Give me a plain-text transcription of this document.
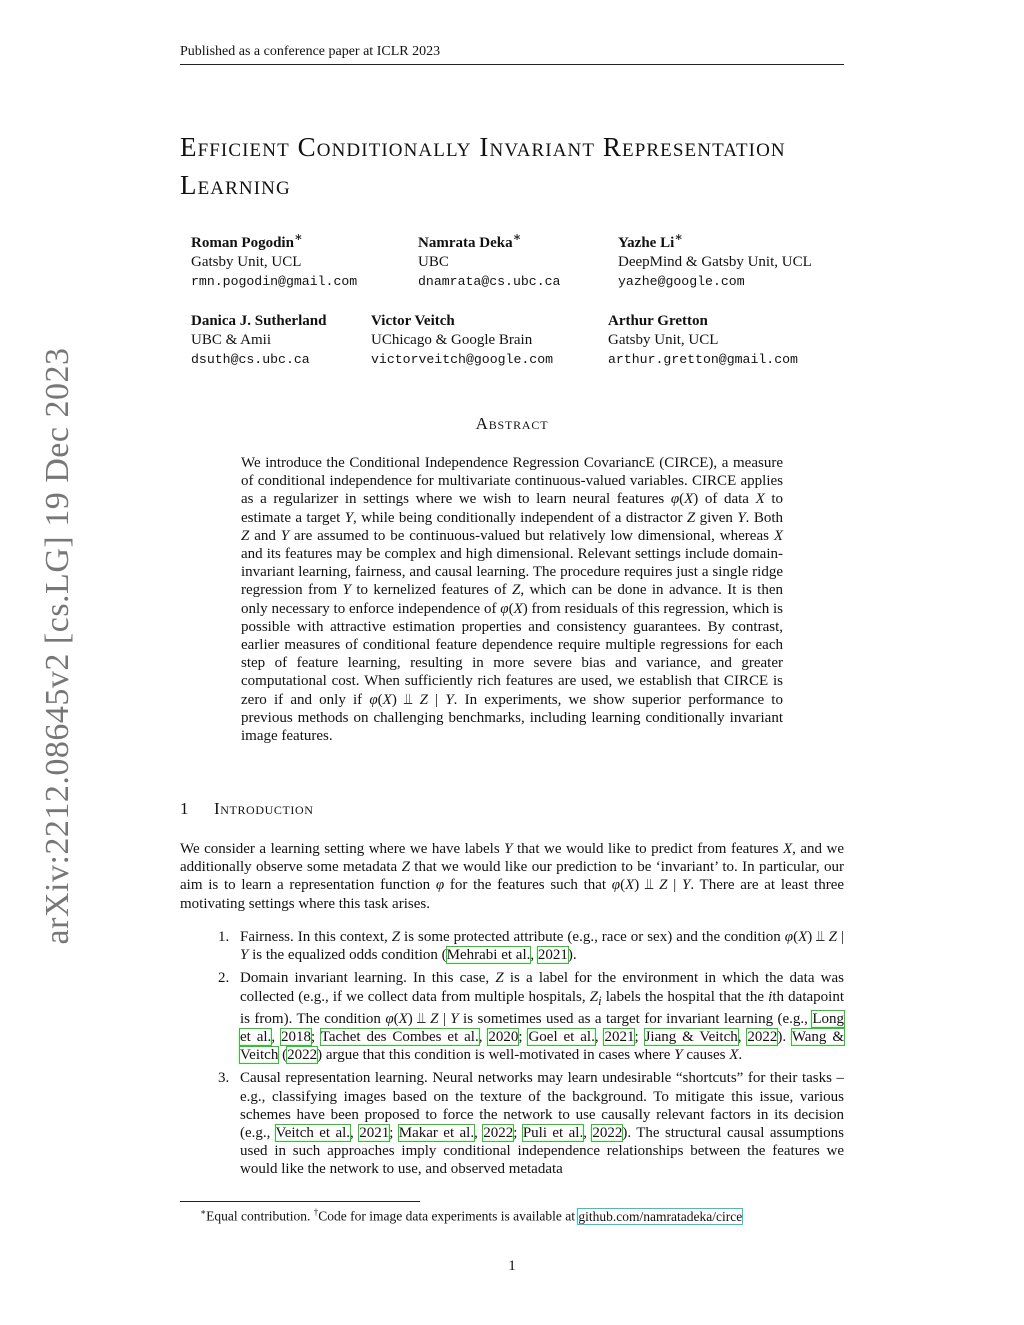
Published as a conference paper at ICLR 2023
arXiv:2212.08645v2 [cs.LG] 19 Dec 2023
Efficient Conditionally Invariant Representation Learning
Roman Pogodin∗
Gatsby Unit, UCL
rmn.pogodin@gmail.com
Namrata Deka∗
UBC
dnamrata@cs.ubc.ca
Yazhe Li∗
DeepMind & Gatsby Unit, UCL
yazhe@google.com
Danica J. Sutherland
UBC & Amii
dsuth@cs.ubc.ca
Victor Veitch
UChicago & Google Brain
victorveitch@google.com
Arthur Gretton
Gatsby Unit, UCL
arthur.gretton@gmail.com
Abstract
We introduce the Conditional Independence Regression CovariancE (CIRCE), a measure of conditional independence for multivariate continuous-valued variables. CIRCE applies as a regularizer in settings where we wish to learn neural features φ(X) of data X to estimate a target Y, while being conditionally independent of a distractor Z given Y. Both Z and Y are assumed to be continuous-valued but relatively low dimensional, whereas X and its features may be complex and high dimensional. Relevant settings include domain-invariant learning, fairness, and causal learning. The procedure requires just a single ridge regression from Y to kernelized features of Z, which can be done in advance. It is then only necessary to enforce independence of φ(X) from residuals of this regression, which is possible with attractive estimation properties and consistency guarantees. By contrast, earlier measures of conditional feature dependence require multiple regressions for each step of feature learning, resulting in more severe bias and variance, and greater computational cost. When sufficiently rich features are used, we establish that CIRCE is zero if and only if φ(X) ⫫ Z | Y. In experiments, we show superior performance to previous methods on challenging benchmarks, including learning conditionally invariant image features.
1 Introduction

We consider a learning setting where we have labels Y that we would like to predict from features X, and we additionally observe some metadata Z that we would like our prediction to be ‘invariant’ to. In particular, our aim is to learn a representation function φ for the features such that φ(X) ⫫ Z | Y. There are at least three motivating settings where this task arises.

1. Fairness. In this context, Z is some protected attribute (e.g., race or sex) and the condition φ(X) ⫫ Z | Y is the equalized odds condition (Mehrabi et al., 2021).
2. Domain invariant learning. In this case, Z is a label for the environment in which the data was collected (e.g., if we collect data from multiple hospitals, $Z_i$ labels the hospital that the ith datapoint is from). The condition φ(X) ⫫ Z | Y is sometimes used as a target for invariant learning (e.g., Long et al., 2018; Tachet des Combes et al., 2020; Goel et al., 2021; Jiang & Veitch, 2022). Wang & Veitch (2022) argue that this condition is well-motivated in cases where Y causes X.
3. Causal representation learning. Neural networks may learn undesirable “shortcuts” for their tasks – e.g., classifying images based on the texture of the background. To mitigate this issue, various schemes have been proposed to force the network to use causally relevant factors in its decision (e.g., Veitch et al., 2021; Makar et al., 2022; Puli et al., 2022). The structural causal assumptions used in such approaches imply conditional independence relationships between the features we would like the network to use, and observed metadata
∗Equal contribution. †Code for image data experiments is available at github.com/namratadeka/circe
1
